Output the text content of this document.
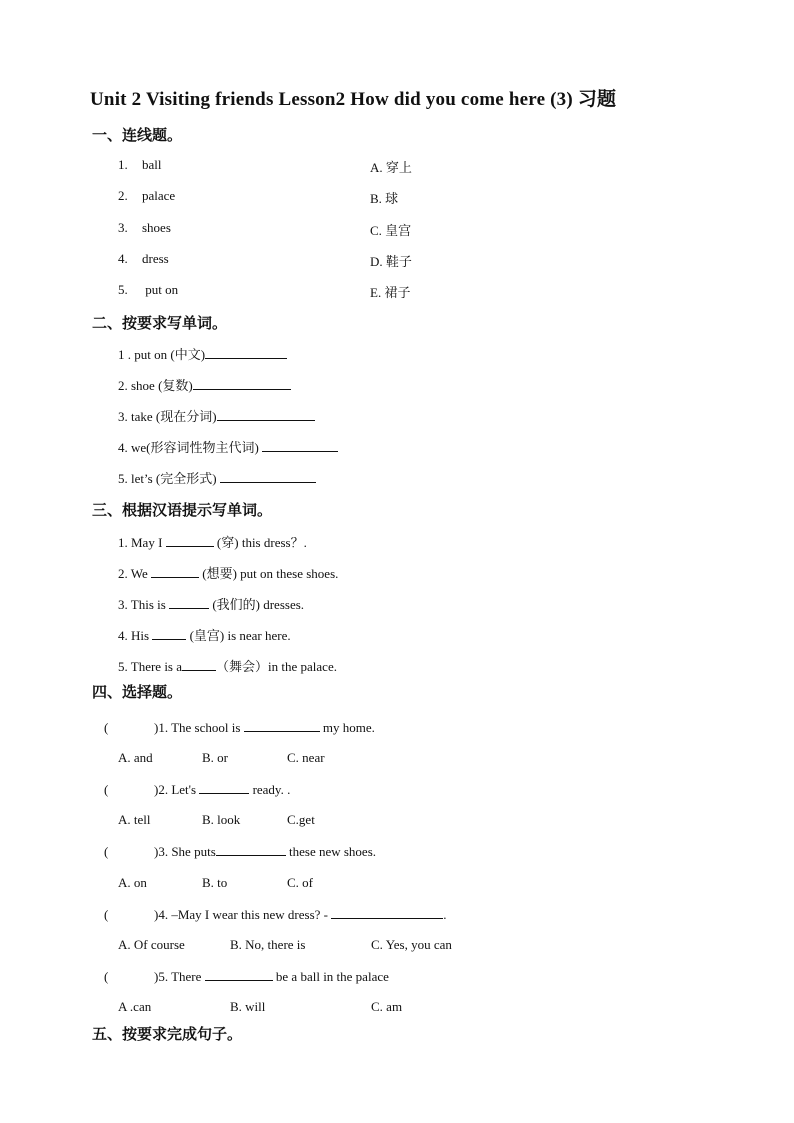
Unit 2 Visiting friends Lesson2 How did you come here (3) 习题
一、连线题。
1. ball
2. palace
3. shoes
4. dress
5. put on
A. 穿上
B. 球
C. 皇宫
D. 鞋子
E. 裙子
二、按要求写单词。
1 . put on (中文)
2. shoe (复数)
3. take (现在分词)
4. we(形容词性物主代词)
5. let’s (完全形式)
三、根据汉语提示写单词。
1. May I	(穿) this dress？.
2. We	(想要) put on these shoes.
3. This is	(我们的) dresses.
4. His	(皇宫) is near here.
5. There is a	（舞会）in the palace.
四、选择题。
(	)1. The school is	my home.
A. and	B. or	C. near
(	)2. Let's	ready. .
A. tell	B. look	C.get
(	)3. She puts	these new shoes.
A. on	B. to	C. of
(	)4. –May I wear this new dress? -	.
A. Of course	B. No, there is	C. Yes, you can
(	)5. There	be a ball in the palace
A .can	B. will	C. am
五、按要求完成句子。
